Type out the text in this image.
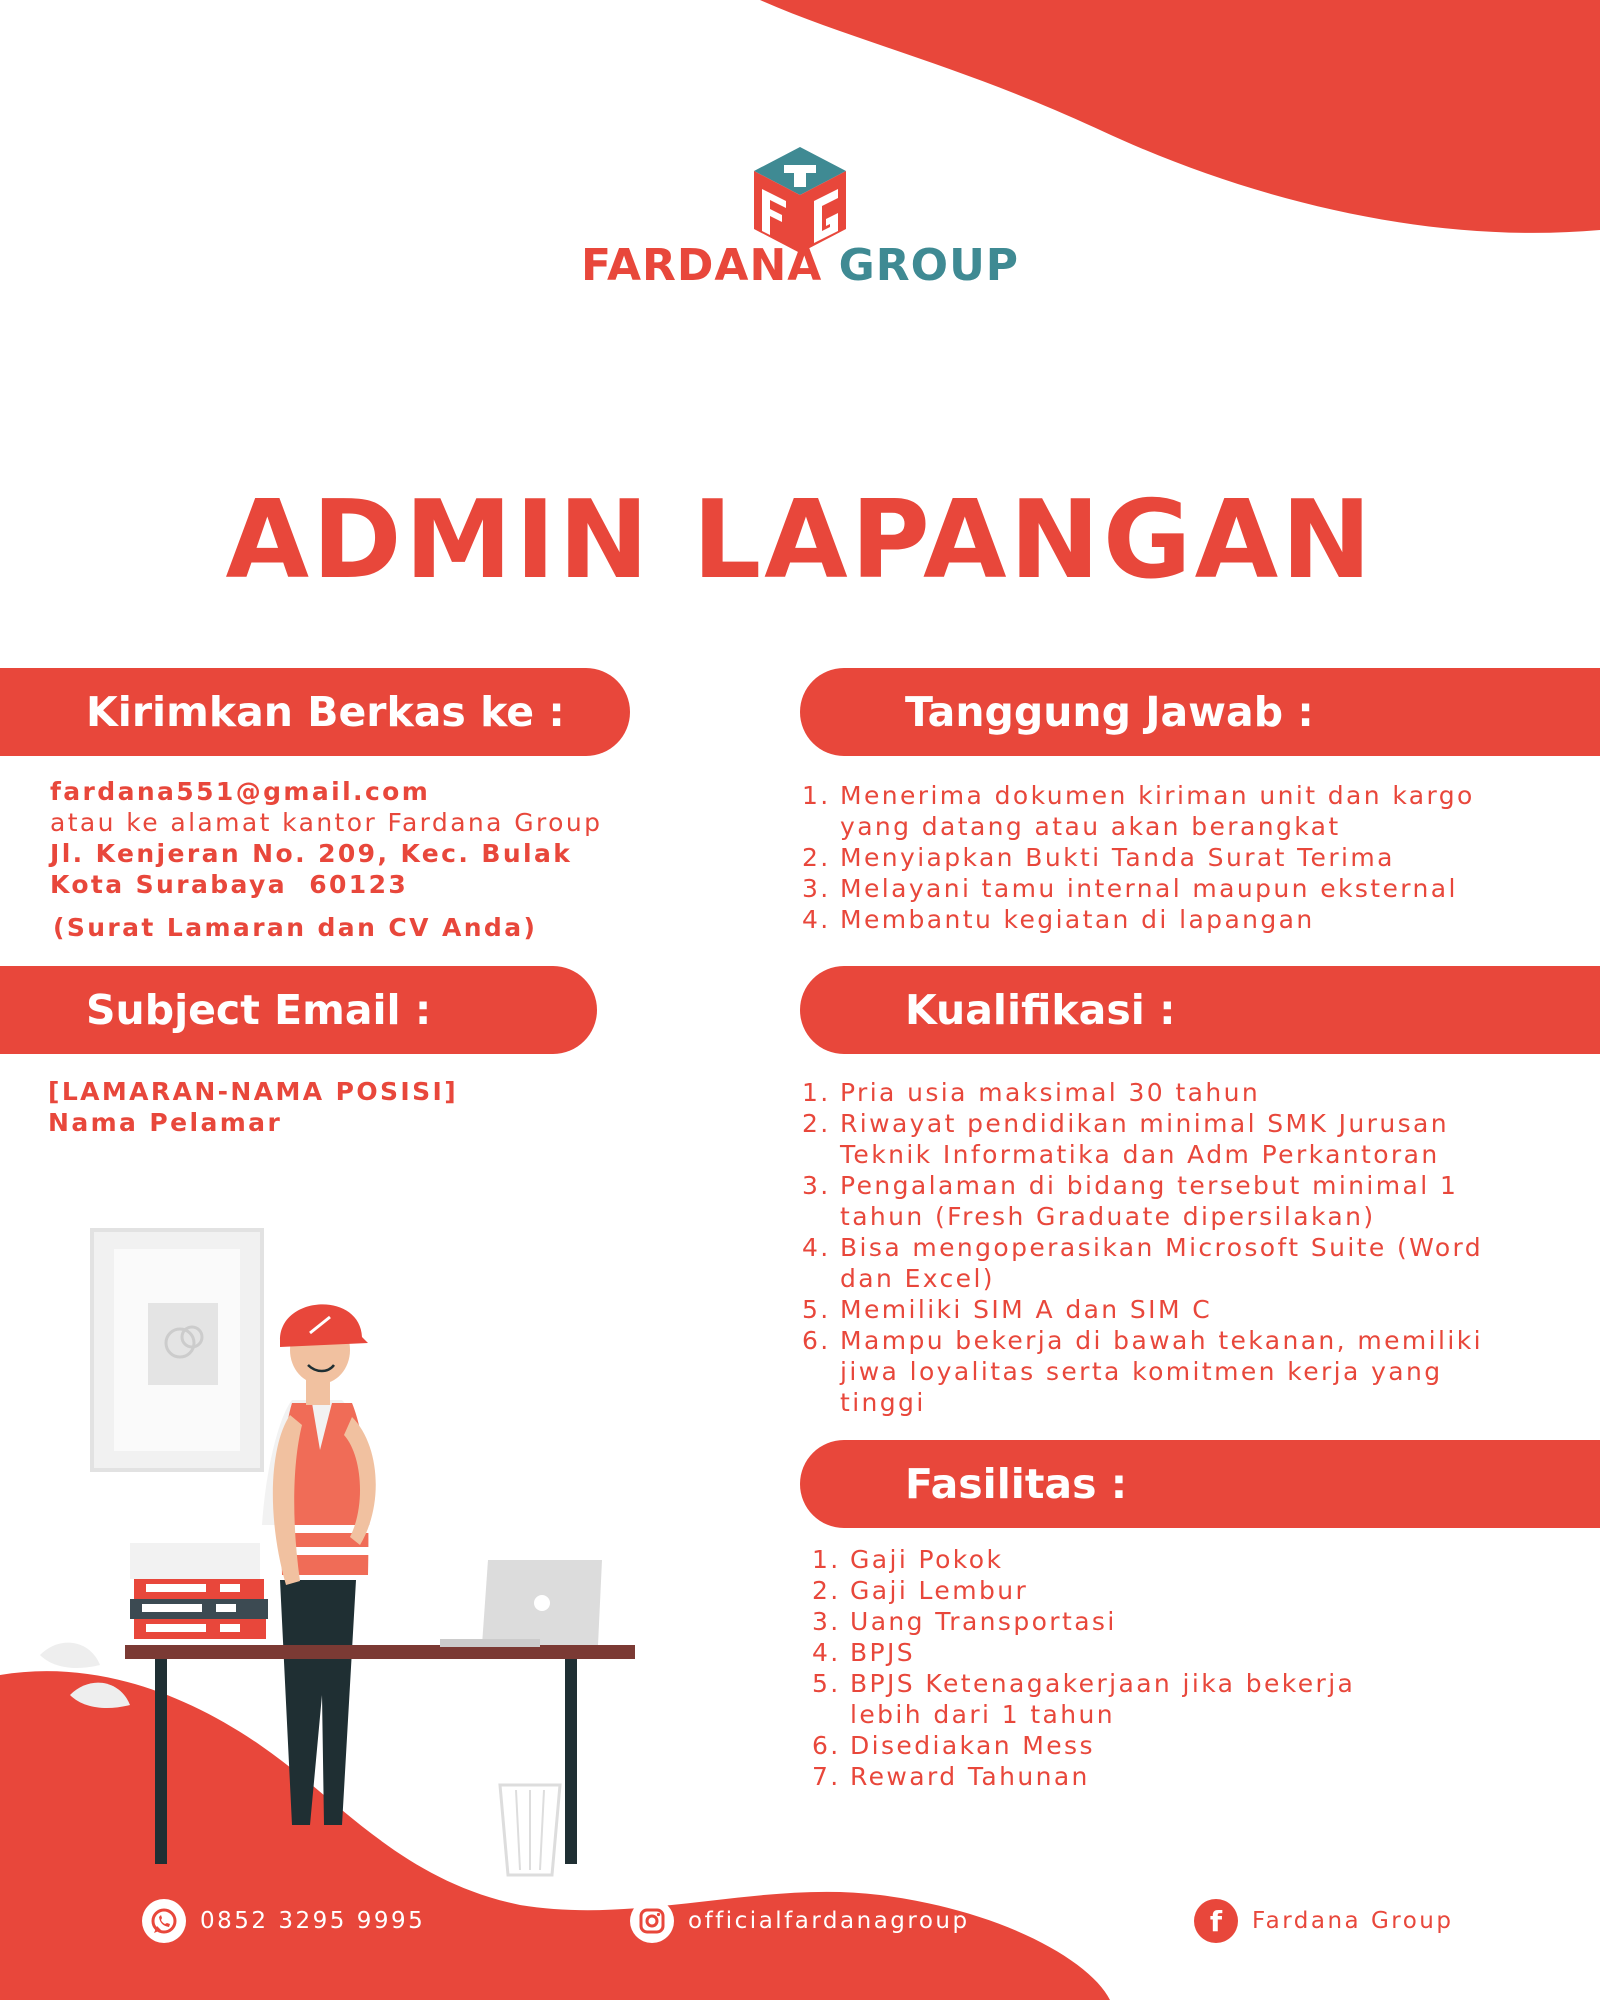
FARDANA GROUP
ADMIN LAPANGAN
Kirimkan Berkas ke :
fardana551@gmail.com
atau ke alamat kantor Fardana Group
Jl. Kenjeran No. 209, Kec. Bulak
Kota Surabaya  60123
(Surat Lamaran dan CV Anda)
Subject Email :
[LAMARAN-NAMA POSISI]
Nama Pelamar
Tanggung Jawab :
1. Menerima dokumen kiriman unit dan kargo yang datang atau akan berangkat
2. Menyiapkan Bukti Tanda Surat Terima
3. Melayani tamu internal maupun eksternal
4. Membantu kegiatan di lapangan
Kualifikasi :
1. Pria usia maksimal 30 tahun
2. Riwayat pendidikan minimal SMK Jurusan Teknik Informatika dan Adm Perkantoran
3. Pengalaman di bidang tersebut minimal 1 tahun (Fresh Graduate dipersilakan)
4. Bisa mengoperasikan Microsoft Suite (Word dan Excel)
5. Memiliki SIM A dan SIM C
6. Mampu bekerja di bawah tekanan, memiliki jiwa loyalitas serta komitmen kerja yang tinggi
Fasilitas :
1. Gaji Pokok
2. Gaji Lembur
3. Uang Transportasi
4. BPJS
5. BPJS Ketenagakerjaan jika bekerja lebih dari 1 tahun
6. Disediakan Mess
7. Reward Tahunan
0852 3295 9995	officialfardanagroup	f	Fardana Group
